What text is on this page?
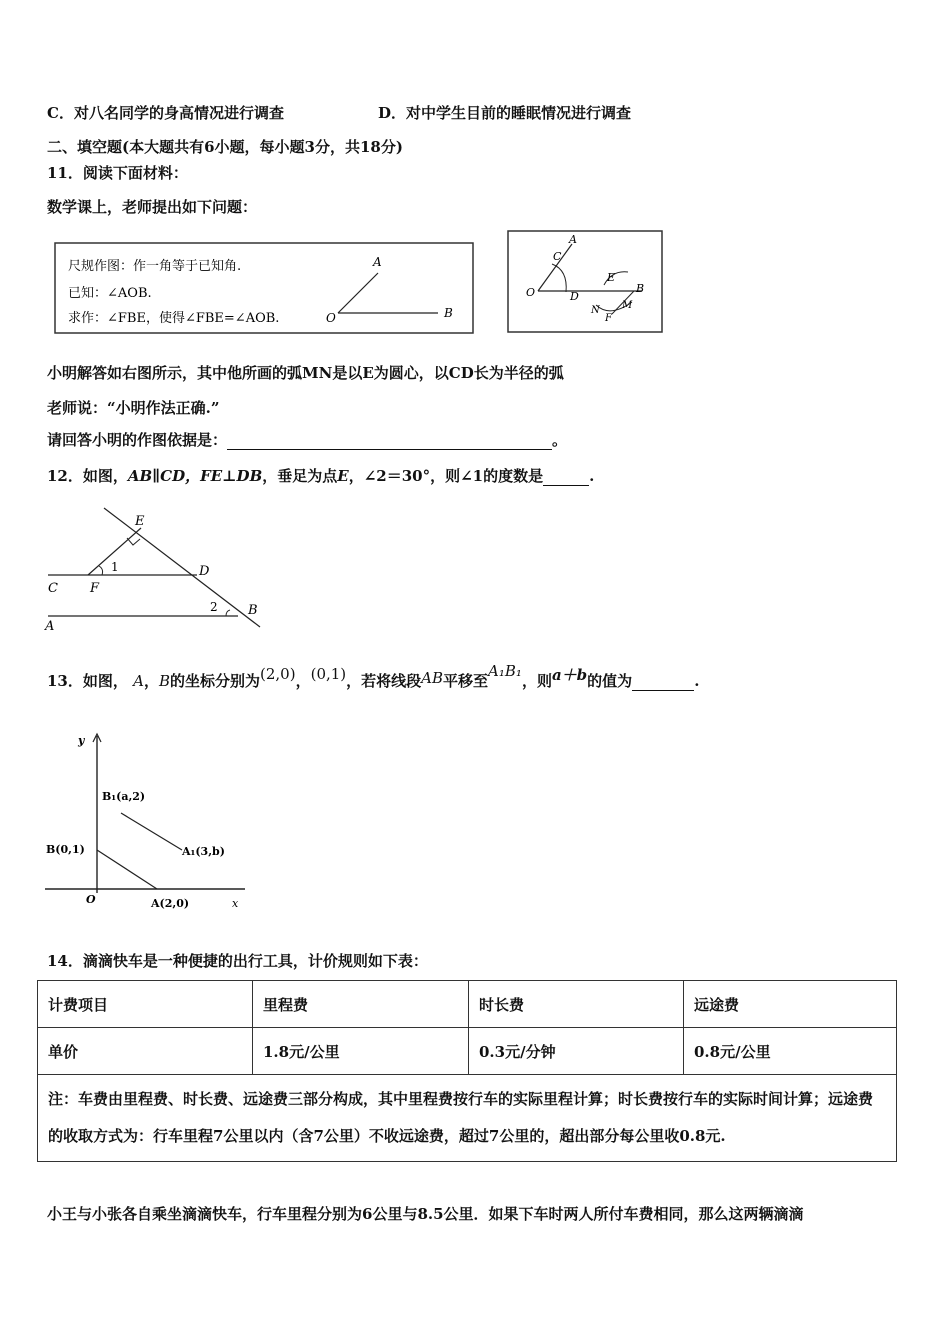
C．对八名同学的身高情况进行调查	D．对中学生目前的睡眠情况进行调查
二、填空题(本大题共有6小题，每小题3分，共18分)
11．阅读下面材料：
数学课上，老师提出如下问题：
尺规作图：作一角等于已知角.
已知：∠AOB.
求作：∠FBE，使得∠FBE=∠AOB.
A
O	B
A
C
O	D
E
B
N
F
M
E
1	D
C F
2 B
A
y
x
O
B₁(a,2)
B(0,1)	A₁(3,b)
A(2,0)
小明解答如右图所示，其中他所画的弧MN是以E为圆心，以CD长为半径的弧
老师说：“小明作法正确.”
请回答小明的作图依据是：	。
12．如图，AB∥CD，FE⊥DB，垂足为点E，∠2＝30°，则∠1的度数是	.
13．如图， A，B的坐标分别为(2,0)，(0,1)，若将线段AB平移至A₁B₁，则a＋b的值为	.
14．滴滴快车是一种便捷的出行工具，计价规则如下表：
计费项目	里程费	时长费	远途费
单价	1.8元/公里	0.3元/分钟	0.8元/公里
注：车费由里程费、时长费、远途费三部分构成，其中里程费按行车的实际里程计算；时长费按行车的实际时间计算；远途费的收取方式为：行车里程7公里以内（含7公里）不收远途费，超过7公里的，超出部分每公里收0.8元.			
小王与小张各自乘坐滴滴快车，行车里程分别为6公里与8.5公里．如果下车时两人所付车费相同，那么这两辆滴滴
